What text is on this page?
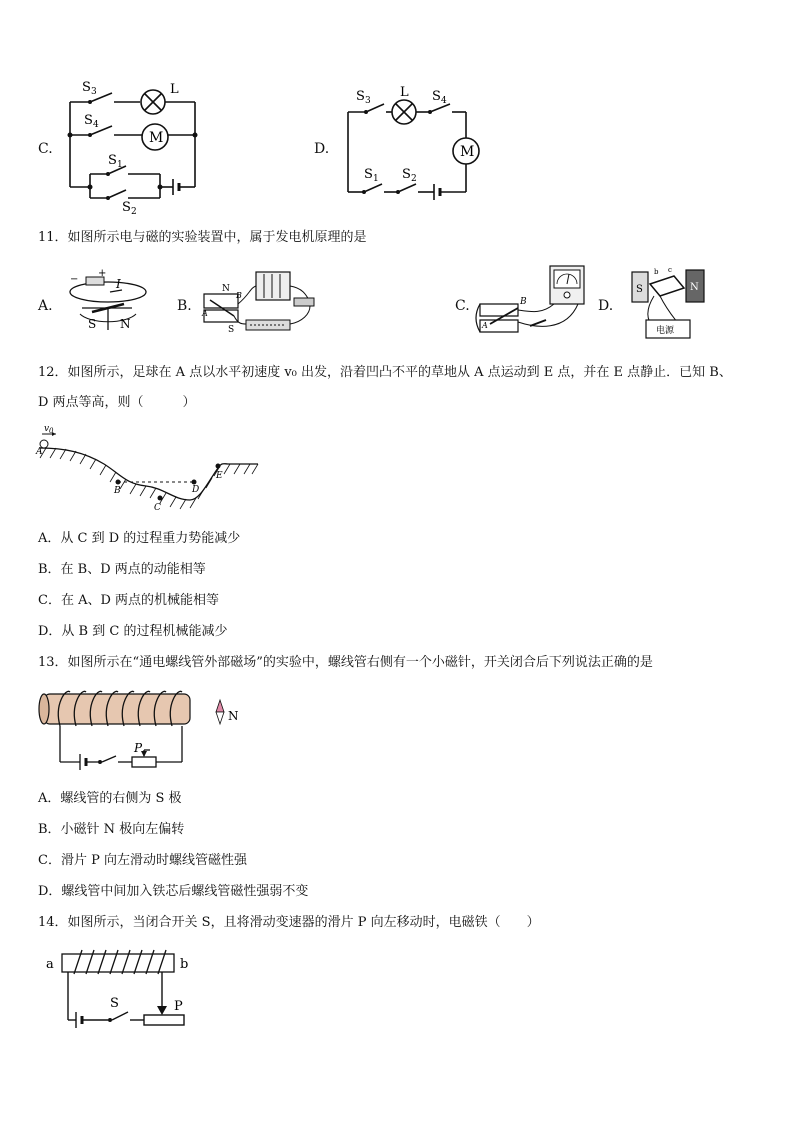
C.
S 3	L
S 4
M
S 1
S 2
D.
S 3
L S 4
M
S 1 S 2
11．如图所示电与磁的实验装置中，属于发电机原理的是
A.
−
+
I
S N
B.
N
S
A
B
C.
A
B	D.
S	N
b c
电源
12．如图所示，足球在 A 点以水平初速度 v₀ 出发，沿着凹凸不平的草地从 A 点运动到 E 点，并在 E 点静止．已知 B、
D 两点等高，则（　　　）
v 0
A
B
C
D
E
A．从 C 到 D 的过程重力势能减少
B．在 B、D 两点的动能相等
C．在 A、D 两点的机械能相等
D．从 B 到 C 的过程机械能减少
13．如图所示在“通电螺线管外部磁场”的实验中，螺线管右侧有一个小磁针，开关闭合后下列说法正确的是
P
N
A．螺线管的右侧为 S 极
B．小磁针 N 极向左偏转
C．滑片 P 向左滑动时螺线管磁性强
D．螺线管中间加入铁芯后螺线管磁性强弱不变
14．如图所示，当闭合开关 S，且将滑动变速器的滑片 P 向左移动时，电磁铁（　　）
a	b
S	P
